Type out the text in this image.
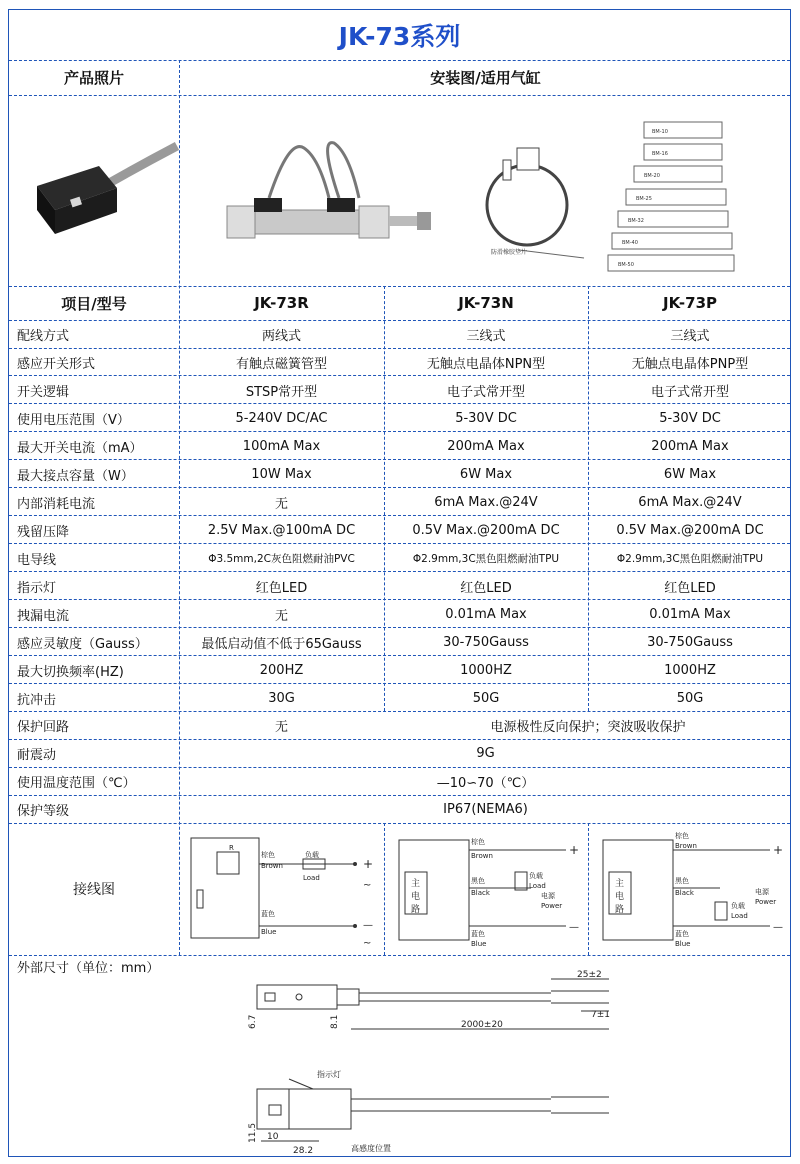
JK-73系列
产品照片	安装图/适用气缸
防滑橡胶垫片
BM-10
BM-16
BM-20
BM-25
BM-32
BM-40
BM-50
项目/型号	JK-73R	JK-73N	JK-73P
配线方式	两线式	三线式	三线式
感应开关形式	有触点磁簧管型	无触点电晶体NPN型	无触点电晶体PNP型
开关逻辑	STSP常开型	电子式常开型	电子式常开型
使用电压范围（V）	5-240V DC/AC	5-30V DC	5-30V DC
最大开关电流（mA）	100mA Max	200mA Max	200mA Max
最大接点容量（W）	10W Max	6W Max	6W Max
内部消耗电流	无	6mA Max.@24V	6mA Max.@24V
残留压降	2.5V Max.@100mA DC	0.5V Max.@200mA DC	0.5V Max.@200mA DC
电导线	Φ3.5mm,2C灰色阻燃耐油PVC	Φ2.9mm,3C黑色阻燃耐油TPU	Φ2.9mm,3C黑色阻燃耐油TPU
指示灯	红色LED	红色LED	红色LED
拽漏电流	无	0.01mA Max	0.01mA Max
感应灵敏度（Gauss）	最低启动值不低于65Gauss	30-750Gauss	30-750Gauss
最大切换频率(HZ)	200HZ	1000HZ	1000HZ
抗冲击	30G	50G	50G
保护回路	无	电源极性反向保护；突波吸收保护
耐震动	9G
使用温度范围（℃）	—10∽70（℃）
保护等级	IP67(NEMA6)
接线图
R
棕色
Brown
负载
Load
蓝色
Blue
+
~
—
~
主
电
路
棕色
Brown
黑色
Black
负载
Load
电源
Power
蓝色
Blue
+
—
主
电
路
棕色
Brown
黑色
Black
负载
Load
电源
Power
蓝色
Blue
+
—
外部尺寸（单位：mm）
6.7	8.1
25±2
7±1
2000±20
指示灯
11.5 10
28.2	高感度位置
